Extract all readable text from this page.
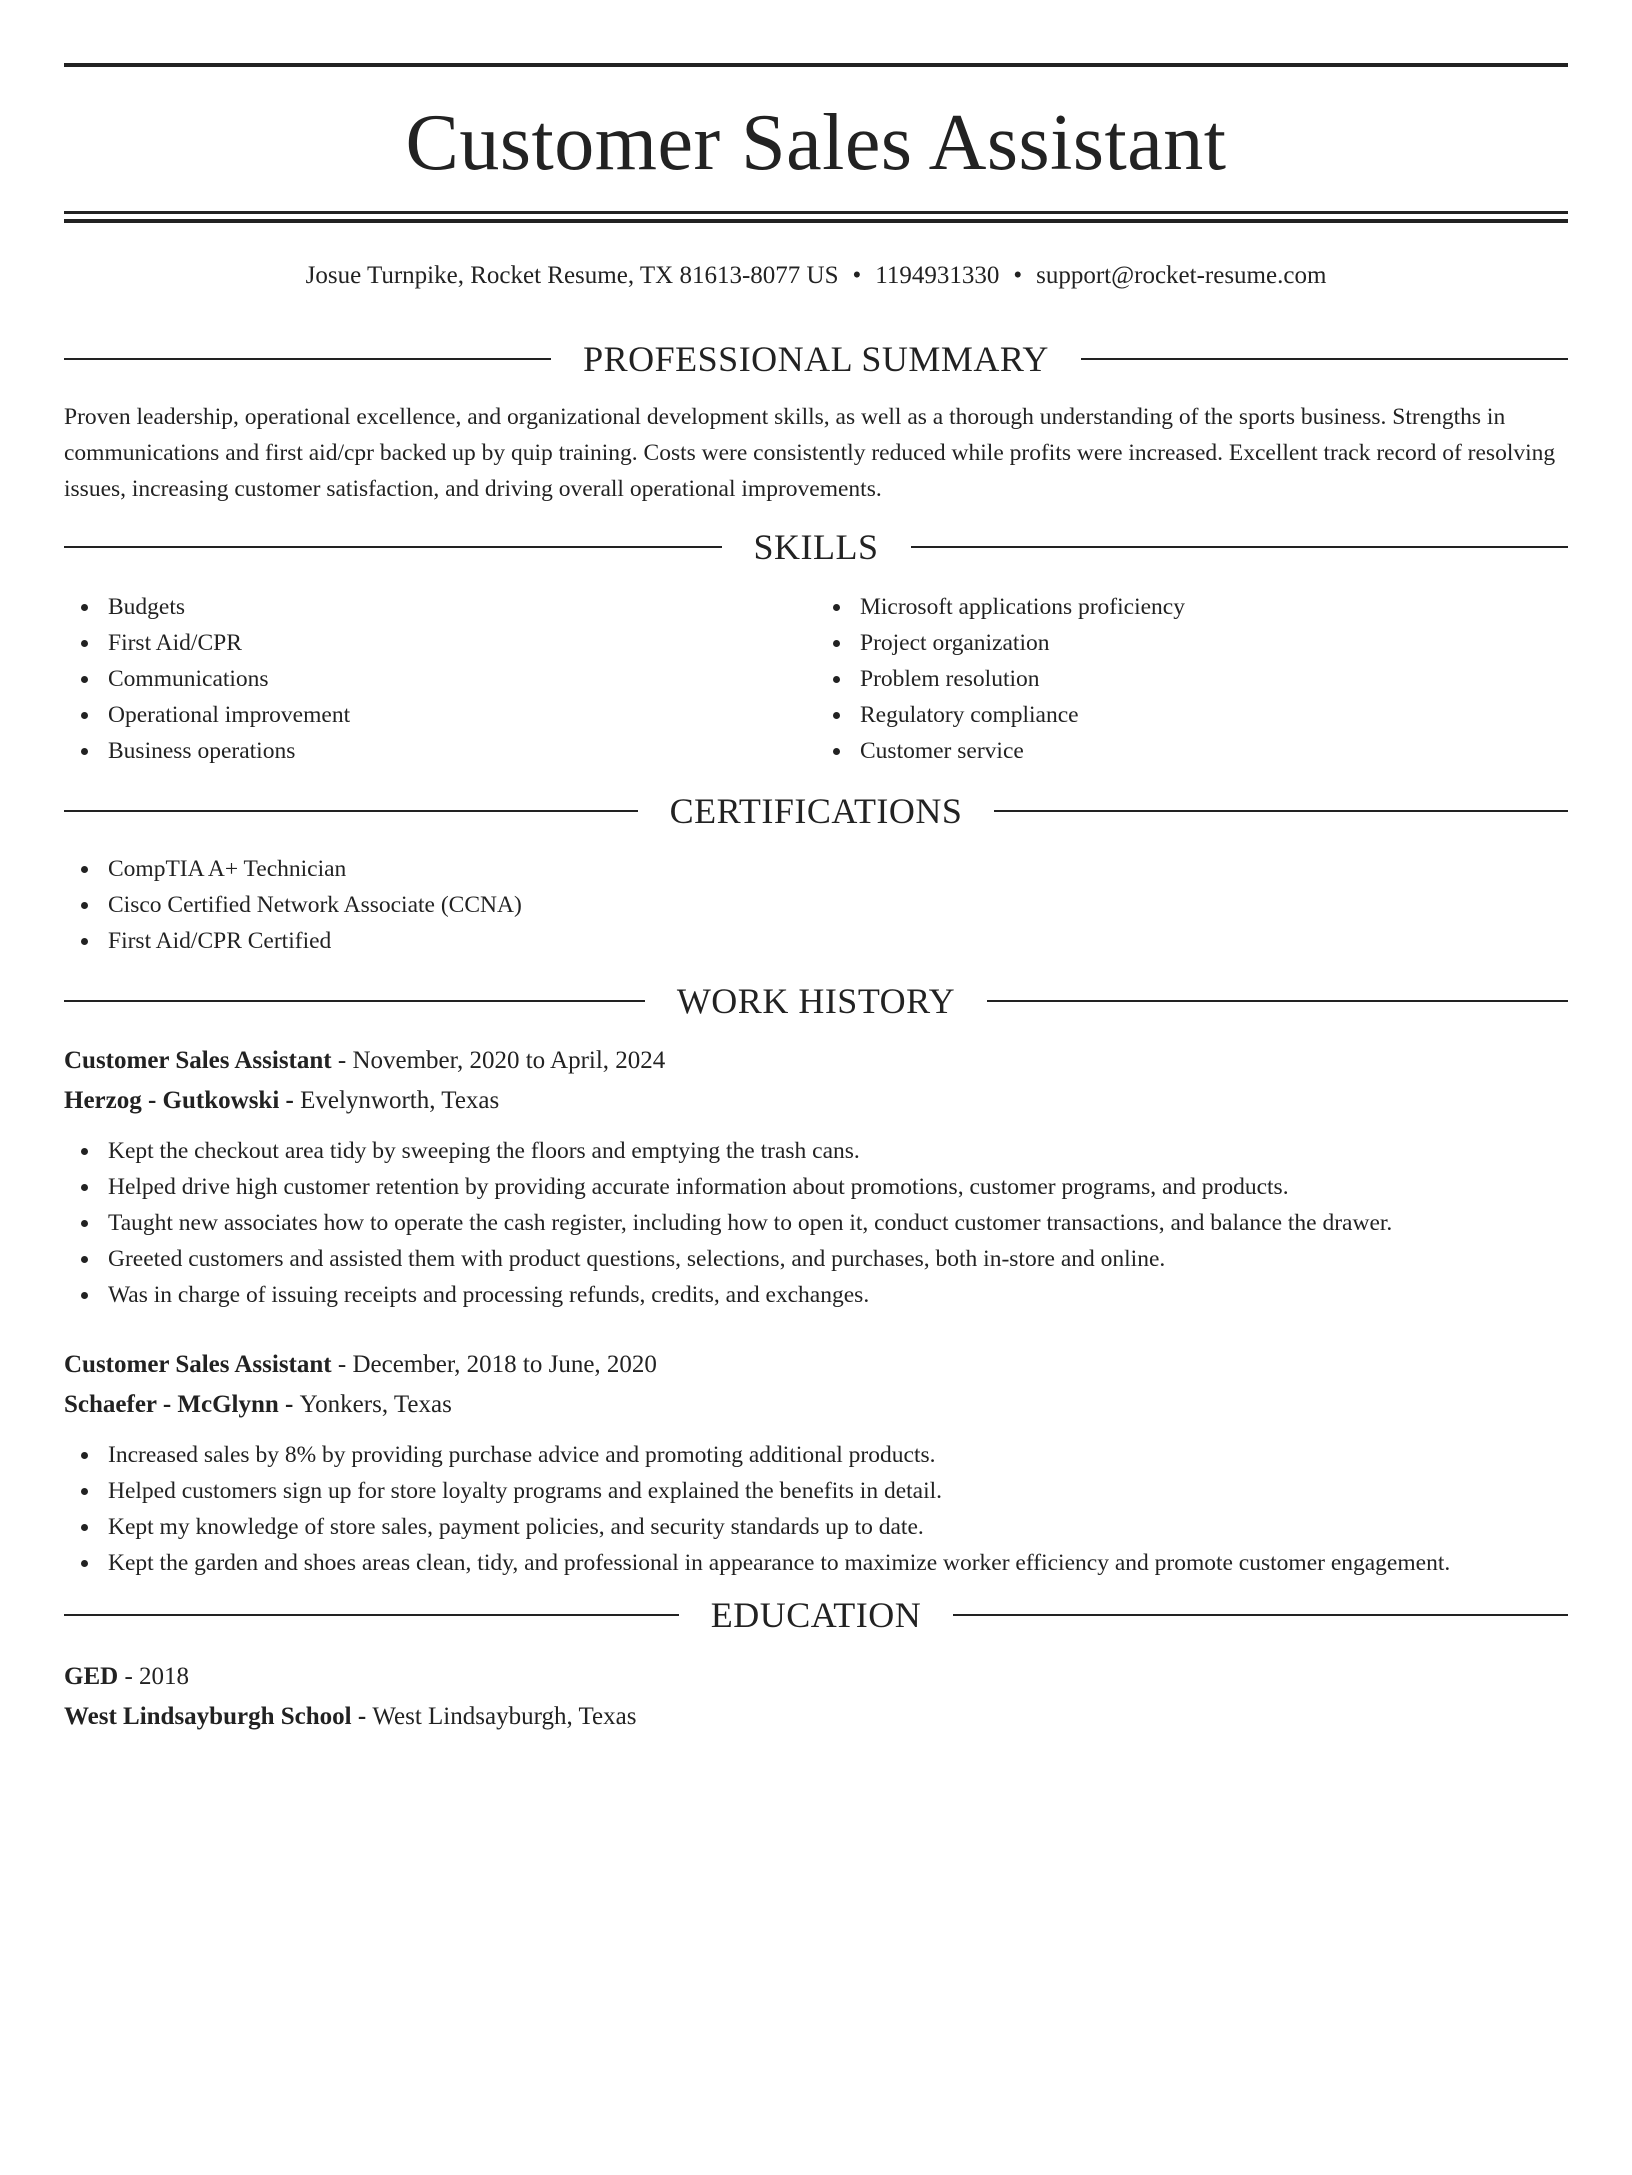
Customer Sales Assistant
Josue Turnpike, Rocket Resume, TX 81613-8077 US • 1194931330 • support@rocket-resume.com
PROFESSIONAL SUMMARY
Proven leadership, operational excellence, and organizational development skills, as well as a thorough understanding of the sports business. Strengths in communications and first aid/cpr backed up by quip training. Costs were consistently reduced while profits were increased. Excellent track record of resolving issues, increasing customer satisfaction, and driving overall operational improvements.
SKILLS
Budgets
First Aid/CPR
Communications
Operational improvement
Business operations
Microsoft applications proficiency
Project organization
Problem resolution
Regulatory compliance
Customer service
CERTIFICATIONS
CompTIA A+ Technician
Cisco Certified Network Associate (CCNA)
First Aid/CPR Certified
WORK HISTORY
Customer Sales Assistant - November, 2020 to April, 2024
Herzog - Gutkowski - Evelynworth, Texas
Kept the checkout area tidy by sweeping the floors and emptying the trash cans.
Helped drive high customer retention by providing accurate information about promotions, customer programs, and products.
Taught new associates how to operate the cash register, including how to open it, conduct customer transactions, and balance the drawer.
Greeted customers and assisted them with product questions, selections, and purchases, both in-store and online.
Was in charge of issuing receipts and processing refunds, credits, and exchanges.
Customer Sales Assistant - December, 2018 to June, 2020
Schaefer - McGlynn - Yonkers, Texas
Increased sales by 8% by providing purchase advice and promoting additional products.
Helped customers sign up for store loyalty programs and explained the benefits in detail.
Kept my knowledge of store sales, payment policies, and security standards up to date.
Kept the garden and shoes areas clean, tidy, and professional in appearance to maximize worker efficiency and promote customer engagement.
EDUCATION
GED - 2018
West Lindsayburgh School - West Lindsayburgh, Texas
